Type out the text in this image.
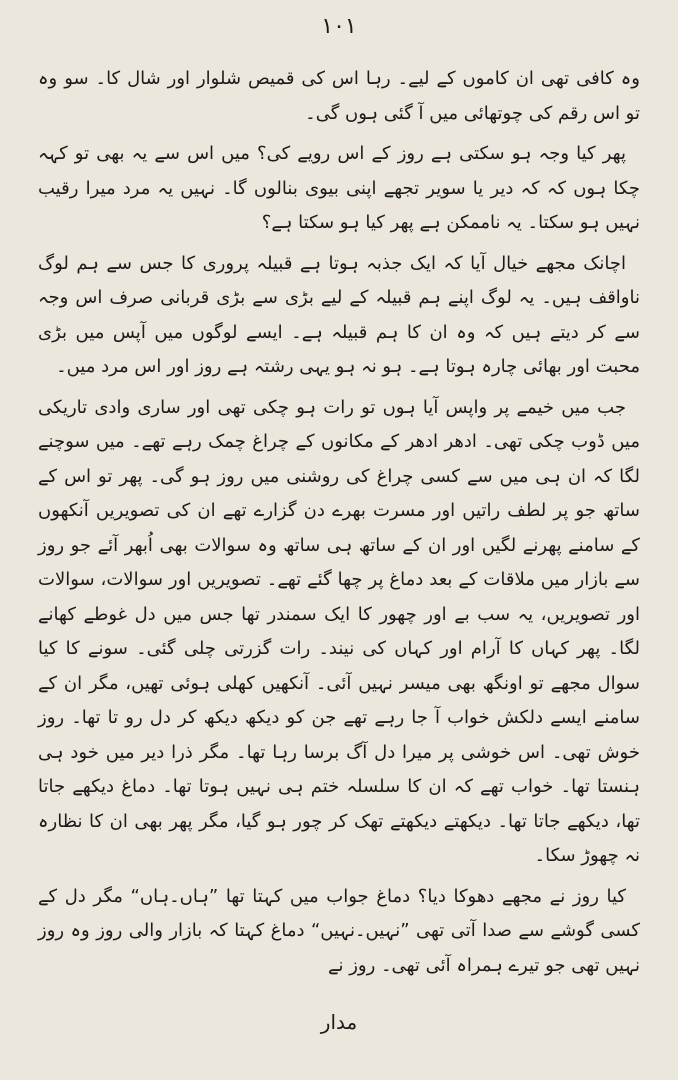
۱۰۱

وہ کافی تھی ان کاموں کے لیے۔ رہا اس کی قمیص شلوار اور شال کا۔ سو وہ تو اس رقم کی چوتھائی میں آ گئی ہوں گی۔

پھر کیا وجہ ہو سکتی ہے روز کے اس رویے کی؟ میں اس سے یہ بھی تو کہہ چکا ہوں کہ کہ دیر یا سویر تجھے اپنی بیوی بنالوں گا۔ نہیں یہ مرد میرا رقیب نہیں ہو سکتا۔ یہ ناممکن ہے پھر کیا ہو سکتا ہے؟

اچانک مجھے خیال آیا کہ ایک جذبہ ہوتا ہے قبیلہ پروری کا جس سے ہم لوگ ناواقف ہیں۔ یہ لوگ اپنے ہم قبیلہ کے لیے بڑی سے بڑی قربانی صرف اس وجہ سے کر دیتے ہیں کہ وہ ان کا ہم قبیلہ ہے۔ ایسے لوگوں میں آپس میں بڑی محبت اور بھائی چارہ ہوتا ہے۔ ہو نہ ہو یہی رشتہ ہے روز اور اس مرد میں۔

جب میں خیمے پر واپس آیا ہوں تو رات ہو چکی تھی اور ساری وادی تاریکی میں ڈوب چکی تھی۔ ادھر ادھر کے مکانوں کے چراغ چمک رہے تھے۔ میں سوچنے لگا کہ ان ہی میں سے کسی چراغ کی روشنی میں روز ہو گی۔ پھر تو اس کے ساتھ جو پر لطف راتیں اور مسرت بھرے دن گزارے تھے ان کی تصویریں آنکھوں کے سامنے پھرنے لگیں اور ان کے ساتھ ہی ساتھ وہ سوالات بھی اُبھر آئے جو روز سے بازار میں ملاقات کے بعد دماغ پر چھا گئے تھے۔ تصویریں اور سوالات، سوالات اور تصویریں، یہ سب بے اور چھور کا ایک سمندر تھا جس میں دل غوطے کھانے لگا۔ پھر کہاں کا آرام اور کہاں کی نیند۔ رات گزرتی چلی گئی۔ سونے کا کیا سوال مجھے تو اونگھ بھی میسر نہیں آئی۔ آنکھیں کھلی ہوئی تھیں، مگر ان کے سامنے ایسے دلکش خواب آ جا رہے تھے جن کو دیکھ دیکھ کر دل رو تا تھا۔ روز خوش تھی۔ اس خوشی پر میرا دل آگ برسا رہا تھا۔ مگر ذرا دیر میں خود ہی ہنستا تھا۔ خواب تھے کہ ان کا سلسلہ ختم ہی نہیں ہوتا تھا۔ دماغ دیکھے جاتا تھا، دیکھے جاتا تھا۔ دیکھتے دیکھتے تھک کر چور ہو گیا، مگر پھر بھی ان کا نظارہ نہ چھوڑ سکا۔

کیا روز نے مجھے دھوکا دیا؟ دماغ جواب میں کہتا تھا ”ہاں۔ہاں“ مگر دل کے کسی گوشے سے صدا آتی تھی ”نہیں۔نہیں“ دماغ کہتا کہ بازار والی روز وہ روز نہیں تھی جو تیرے ہمراہ آئی تھی۔ روز نے

مدار
